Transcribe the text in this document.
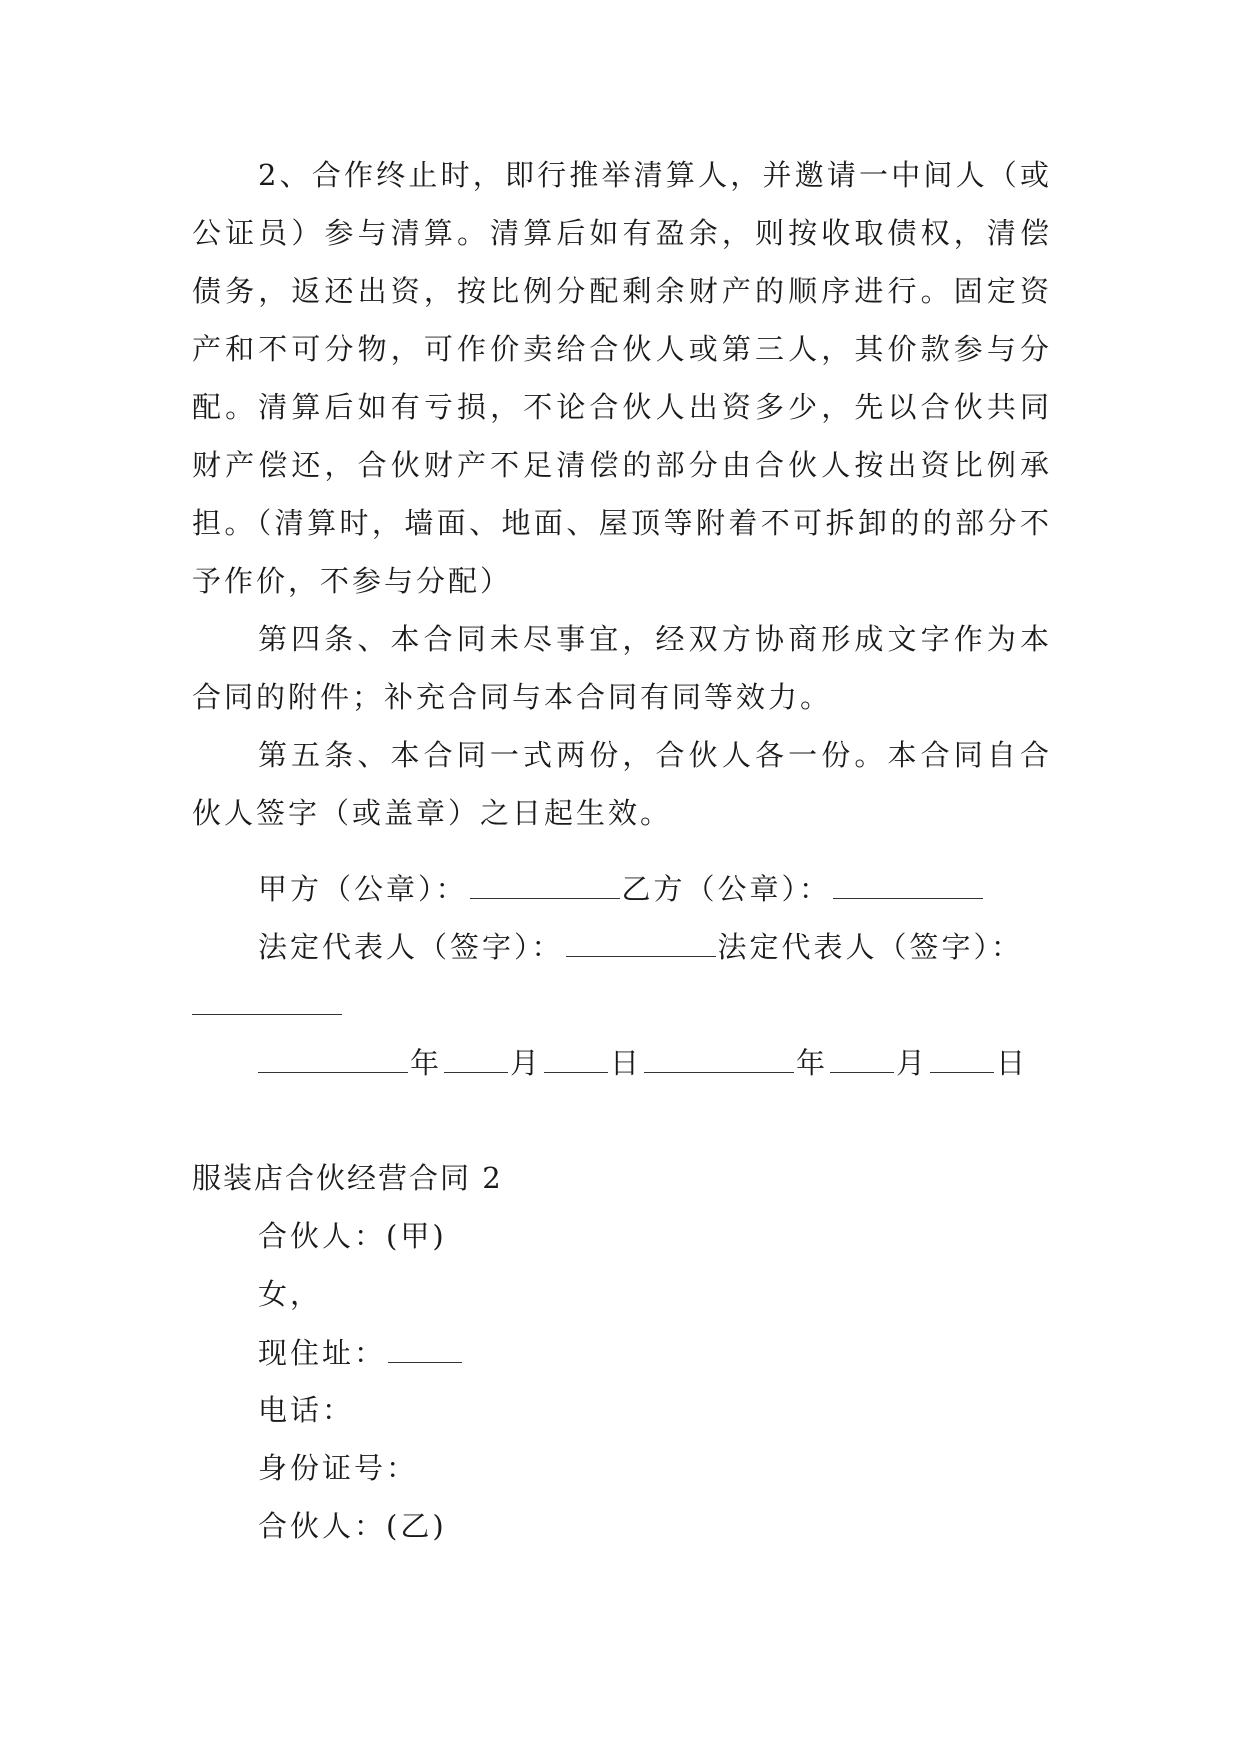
2、合作终止时，即行推举清算人，并邀请一中间人（或公证员）参与清算。清算后如有盈余，则按收取债权，清偿债务，返还出资，按比例分配剩余财产的顺序进行。固定资产和不可分物，可作价卖给合伙人或第三人，其价款参与分配。清算后如有亏损，不论合伙人出资多少，先以合伙共同财产偿还，合伙财产不足清偿的部分由合伙人按出资比例承担。（清算时，墙面、地面、屋顶等附着不可拆卸的的部分不予作价，不参与分配）

第四条、本合同未尽事宜，经双方协商形成文字作为本合同的附件；补充合同与本合同有同等效力。

第五条、本合同一式两份，合伙人各一份。本合同自合伙人签字（或盖章）之日起生效。

甲方（公章）：	乙方（公章）：
法定代表人（签字）：	法定代表人（签字）：
年 月 日	年 月 日
服装店合伙经营合同 2
合伙人：(甲)
女，
现住址：
电话：
身份证号：
合伙人：(乙)
